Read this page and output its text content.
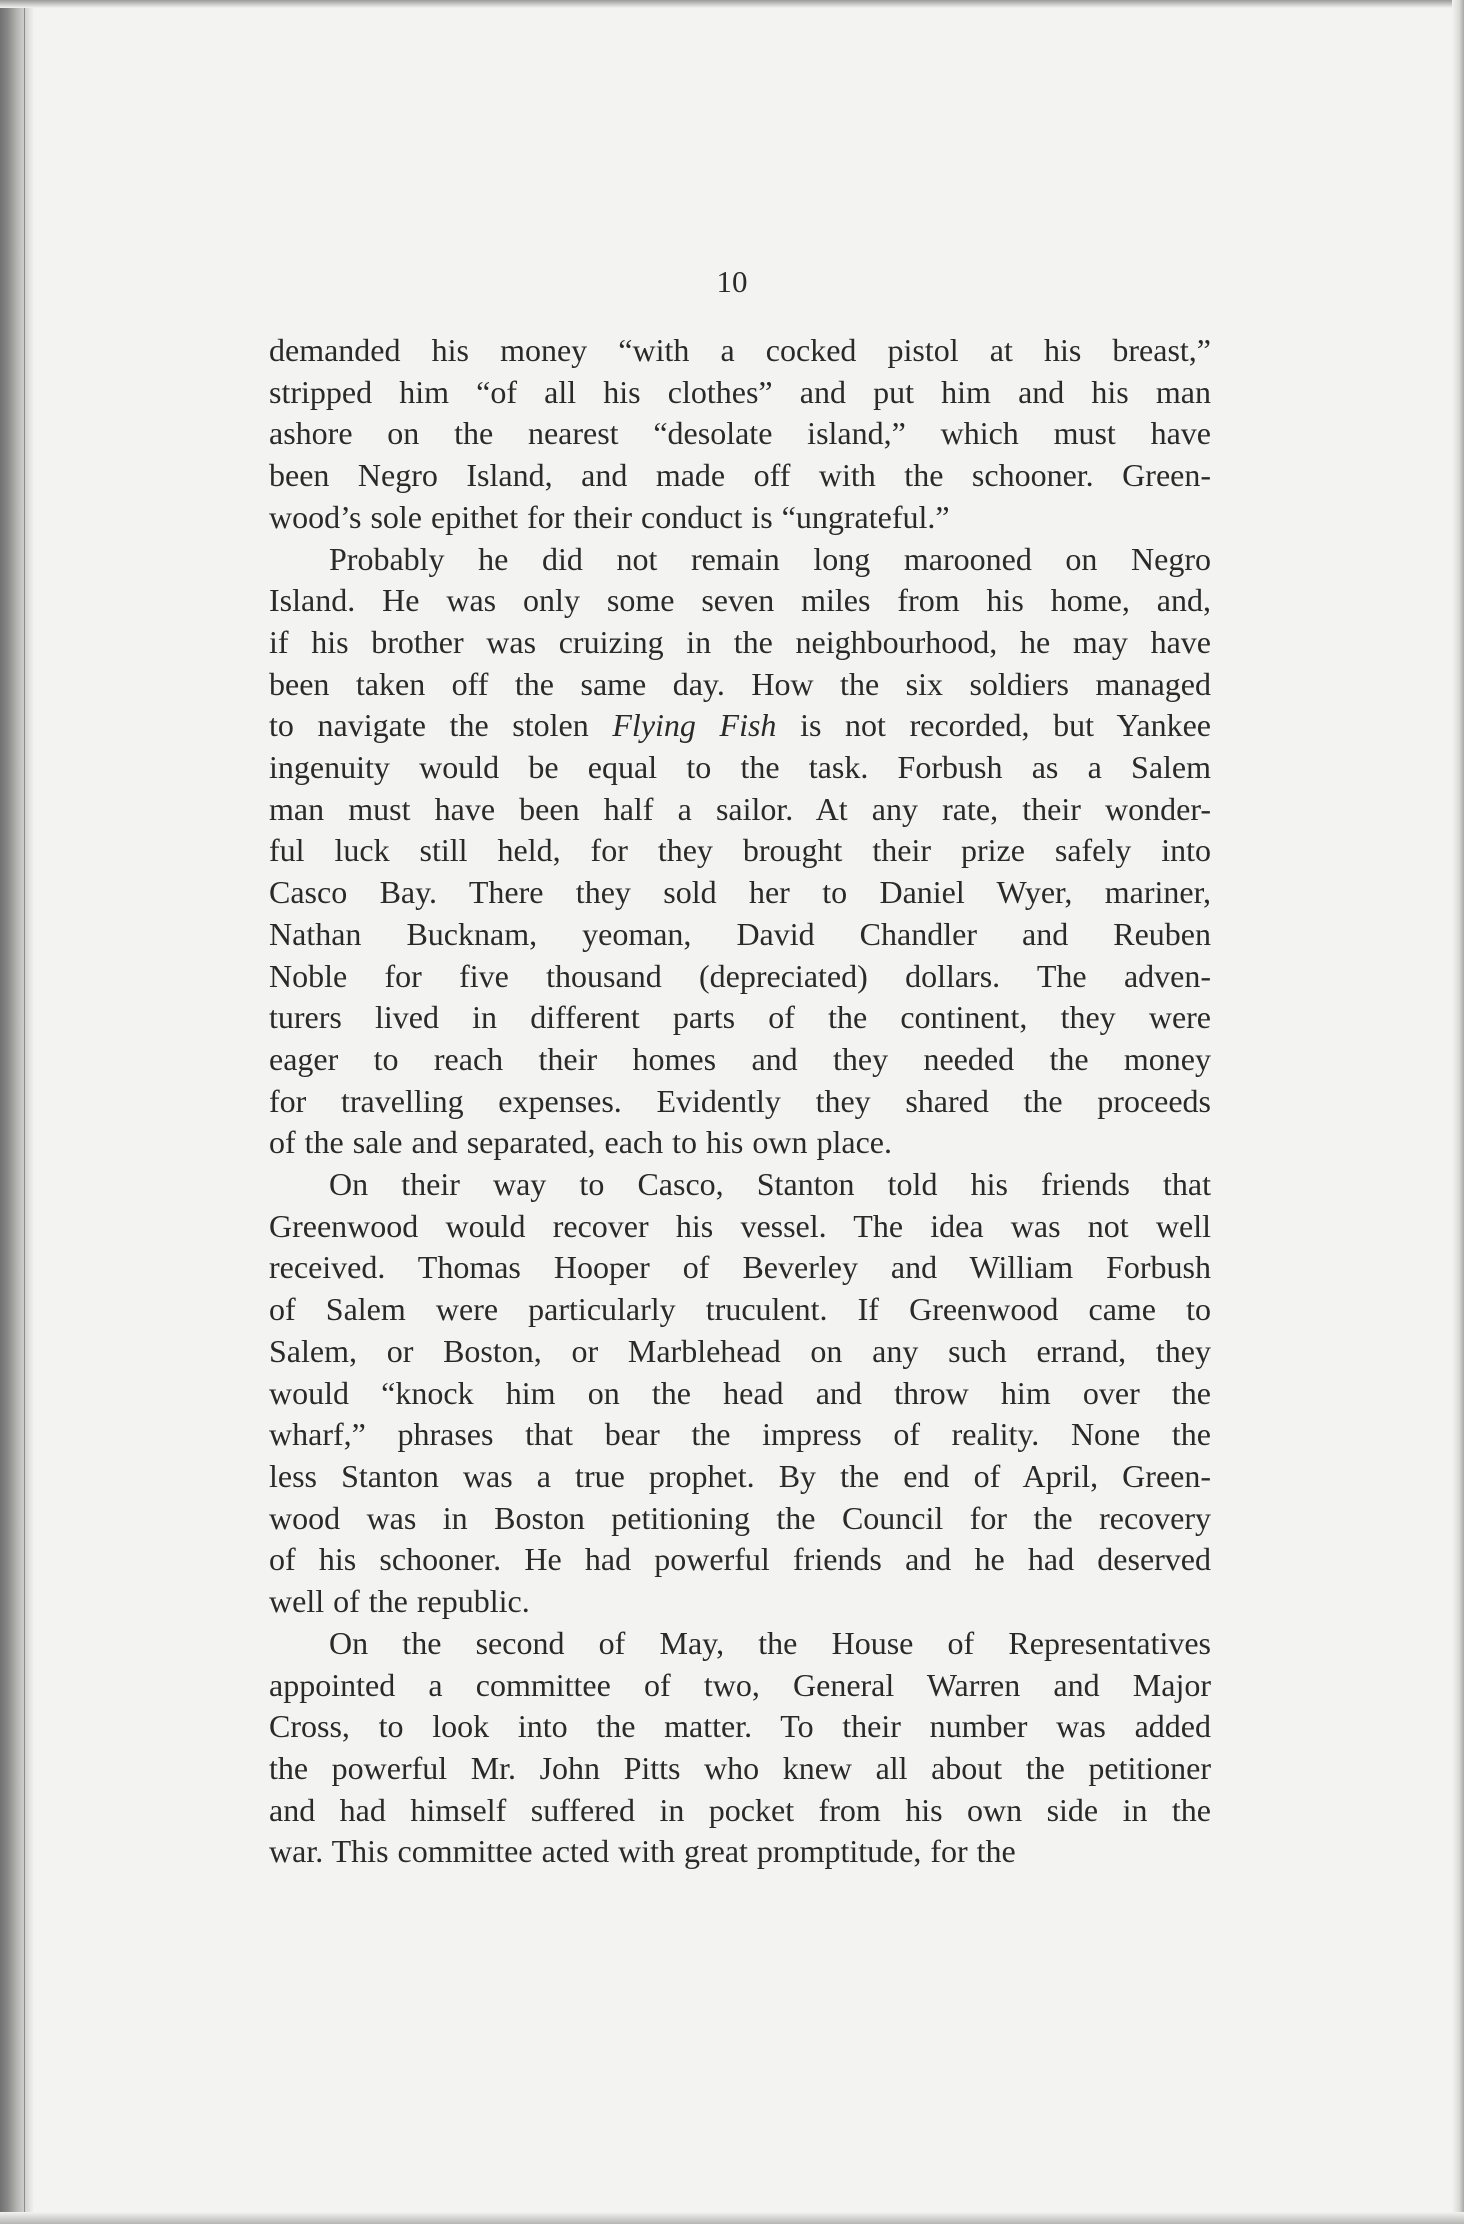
10
demanded his money “with a cocked pistol at his breast,”
stripped him “of all his clothes” and put him and his man
ashore on the nearest “desolate island,” which must have
been Negro Island, and made off with the schooner. Green-
wood’s sole epithet for their conduct is “ungrateful.”
Probably he did not remain long marooned on Negro
Island. He was only some seven miles from his home, and,
if his brother was cruizing in the neighbourhood, he may have
been taken off the same day. How the six soldiers managed
to navigate the stolen Flying Fish is not recorded, but Yankee
ingenuity would be equal to the task. Forbush as a Salem
man must have been half a sailor. At any rate, their wonder-
ful luck still held, for they brought their prize safely into
Casco Bay. There they sold her to Daniel Wyer, mariner,
Nathan Bucknam, yeoman, David Chandler and Reuben
Noble for five thousand (depreciated) dollars. The adven-
turers lived in different parts of the continent, they were
eager to reach their homes and they needed the money
for travelling expenses. Evidently they shared the proceeds
of the sale and separated, each to his own place.
On their way to Casco, Stanton told his friends that
Greenwood would recover his vessel. The idea was not well
received. Thomas Hooper of Beverley and William Forbush
of Salem were particularly truculent. If Greenwood came to
Salem, or Boston, or Marblehead on any such errand, they
would “knock him on the head and throw him over the
wharf,” phrases that bear the impress of reality. None the
less Stanton was a true prophet. By the end of April, Green-
wood was in Boston petitioning the Council for the recovery
of his schooner. He had powerful friends and he had deserved
well of the republic.
On the second of May, the House of Representatives
appointed a committee of two, General Warren and Major
Cross, to look into the matter. To their number was added
the powerful Mr. John Pitts who knew all about the petitioner
and had himself suffered in pocket from his own side in the
war. This committee acted with great promptitude, for the
